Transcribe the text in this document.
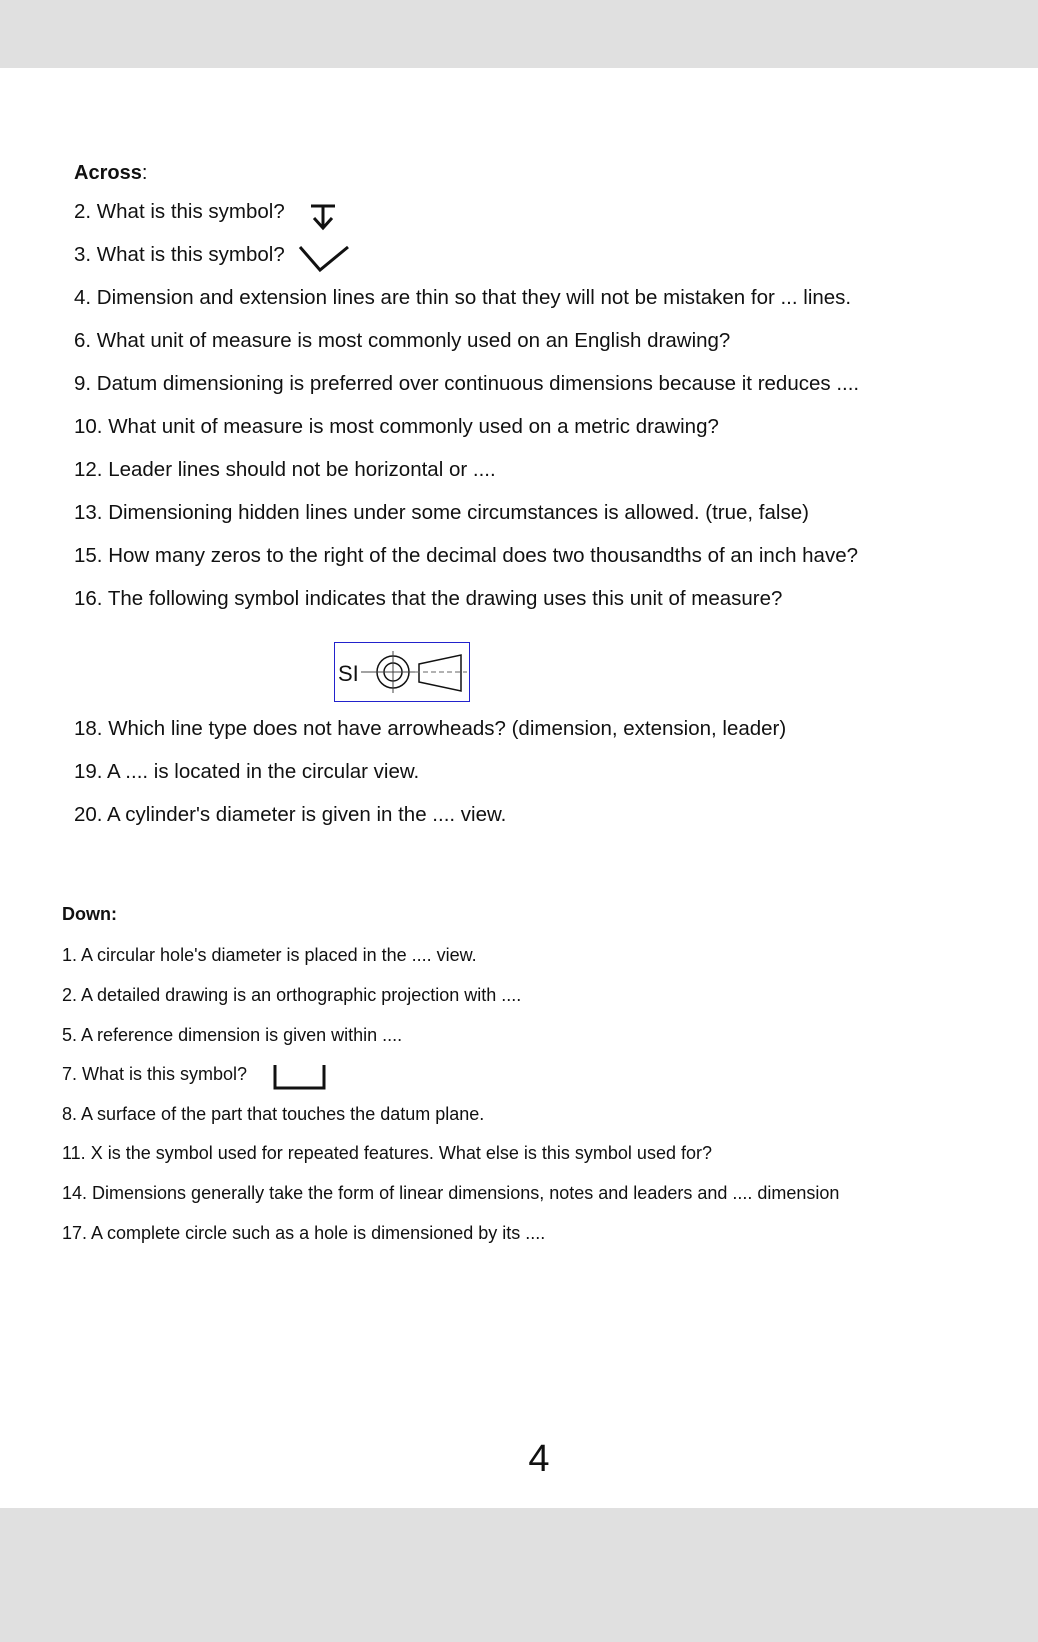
Across:
2. What is this symbol?
3. What is this symbol?
4. Dimension and extension lines are thin so that they will not be mistaken for ... lines.
6. What unit of measure is most commonly used on an English drawing?
9. Datum dimensioning is preferred over continuous dimensions because it reduces ....
10. What unit of measure is most commonly used on a metric drawing?
12. Leader lines should not be horizontal or ....
13. Dimensioning hidden lines under some circumstances is allowed. (true, false)
15. How many zeros to the right of the decimal does two thousandths of an inch have?
16. The following symbol indicates that the drawing uses this unit of measure?
SI
18. Which line type does not have arrowheads? (dimension, extension, leader)
19. A .... is located in the circular view.
20. A cylinder's diameter is given in the .... view.
Down:
1. A circular hole's diameter is placed in the .... view.
2. A detailed drawing is an orthographic projection with ....
5. A reference dimension is given within ....
7. What is this symbol?
8. A surface of the part that touches the datum plane.
11. X is the symbol used for repeated features. What else is this symbol used for?
14. Dimensions generally take the form of linear dimensions, notes and leaders and .... dimension
17. A complete circle such as a hole is dimensioned by its ....
4
